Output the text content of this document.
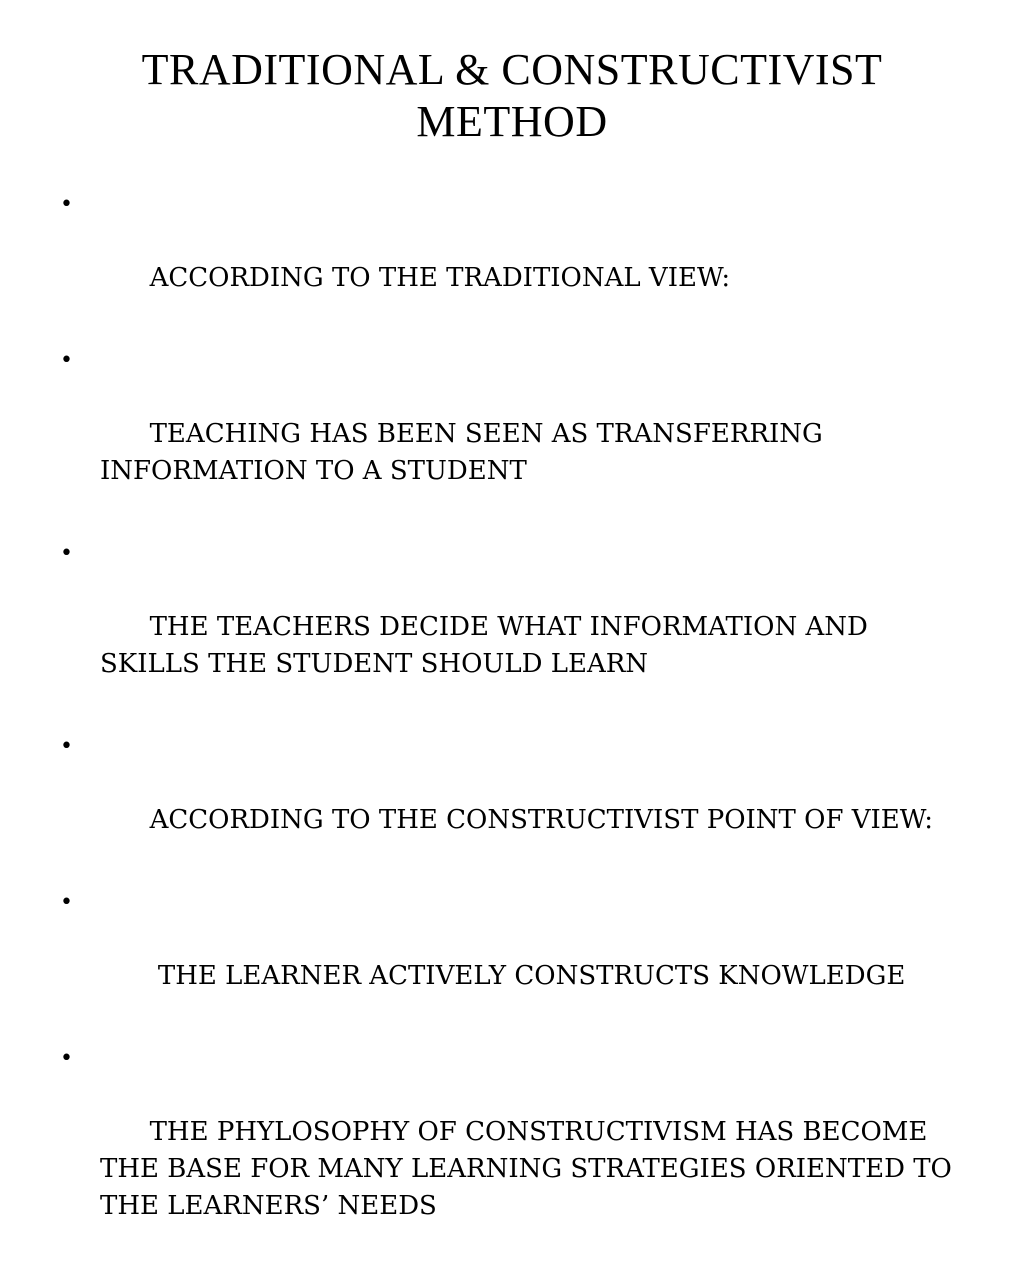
TRADITIONAL & CONSTRUCTIVIST
METHOD

•

ACCORDING TO THE TRADITIONAL VIEW:

•

TEACHING HAS BEEN SEEN AS TRANSFERRING INFORMATION TO A STUDENT

•

THE TEACHERS DECIDE WHAT INFORMATION AND SKILLS THE STUDENT SHOULD LEARN

•

ACCORDING TO THE CONSTRUCTIVIST POINT OF VIEW:

•

THE LEARNER ACTIVELY CONSTRUCTS KNOWLEDGE

•

THE PHYLOSOPHY OF CONSTRUCTIVISM HAS BECOME THE BASE FOR MANY LEARNING STRATEGIES ORIENTED TO THE LEARNERS’ NEEDS
